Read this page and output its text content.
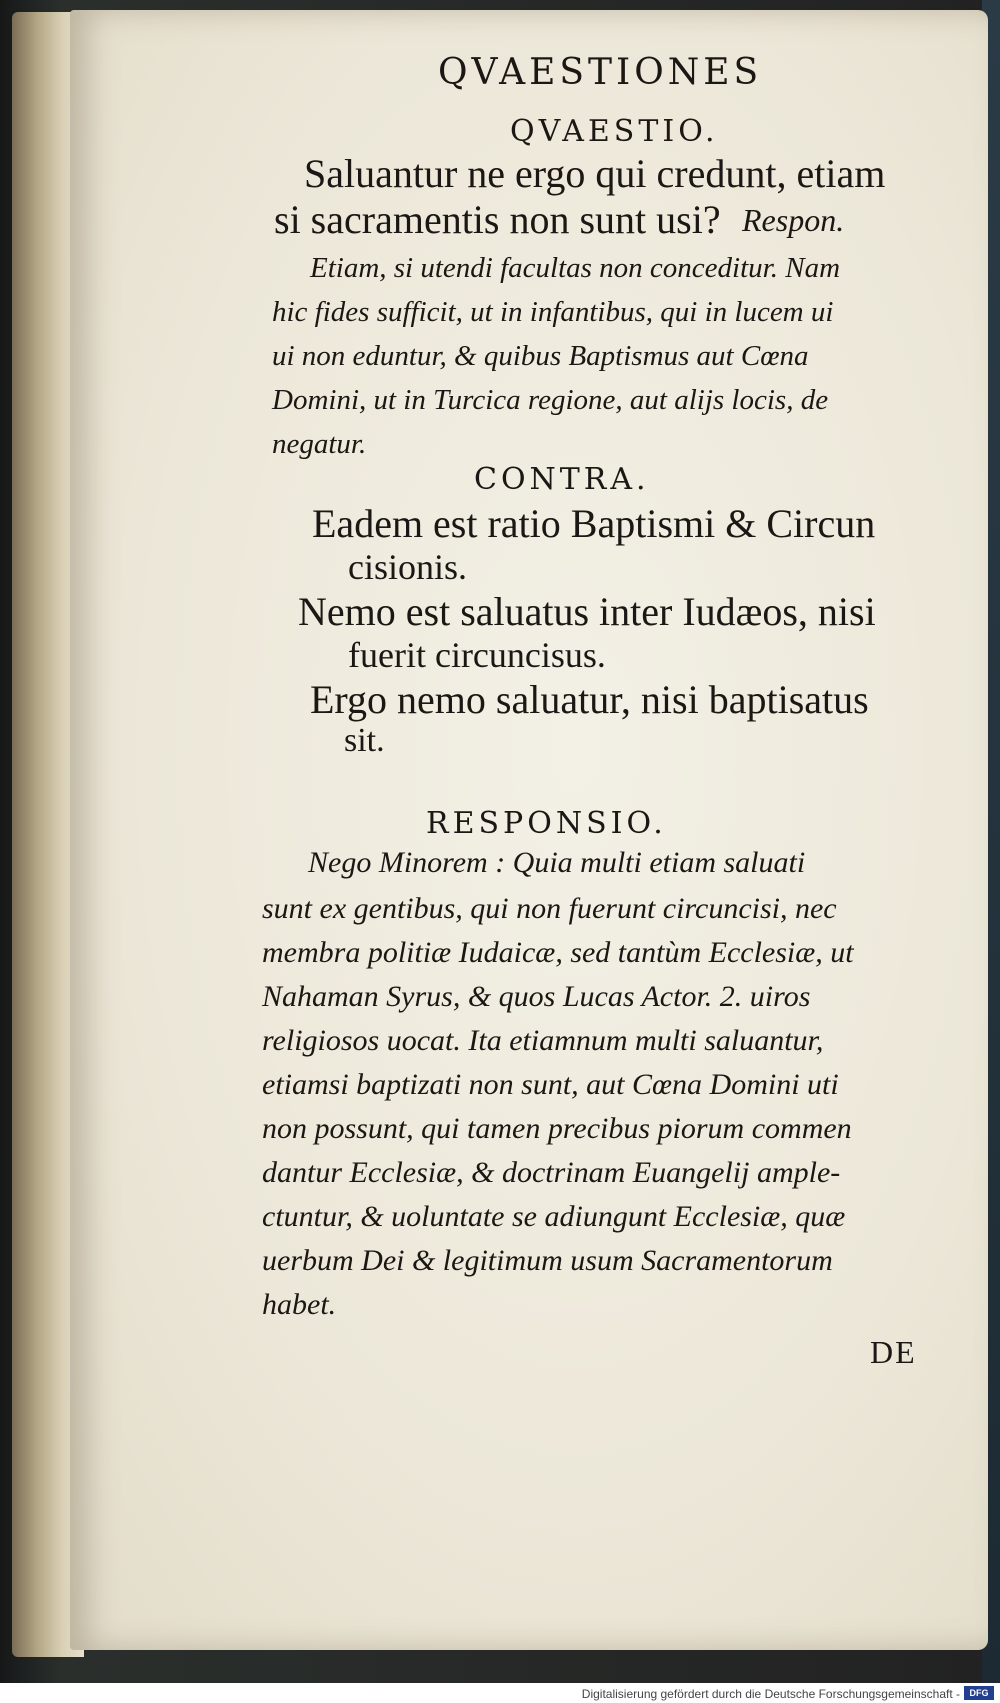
QVAESTIONES
QVAESTIO.
Saluantur ne ergo qui credunt, etiam
si sacramentis non sunt usi? Respon.
Etiam, si utendi facultas non conceditur. Nam
hic fides sufficit, ut in infantibus, qui in lucem ui
ui non eduntur, & quibus Baptismus aut Cœna
Domini, ut in Turcica regione, aut alijs locis, de
negatur.
CONTRA.
Eadem est ratio Baptismi & Circun
cisionis.
Nemo est saluatus inter Iudæos, nisi
fuerit circuncisus.
Ergo nemo saluatur, nisi baptisatus
sit.
RESPONSIO.
Nego Minorem : Quia multi etiam saluati
sunt ex gentibus, qui non fuerunt circuncisi, nec
membra politiæ Iudaicæ, sed tantùm Ecclesiæ, ut
Nahaman Syrus, & quos Lucas Actor. 2. uiros
religiosos uocat. Ita etiamnum multi saluantur,
etiamsi baptizati non sunt, aut Cœna Domini uti
non possunt, qui tamen precibus piorum commen
dantur Ecclesiæ, & doctrinam Euangelij ample-
ctuntur, & uoluntate se adiungunt Ecclesiæ, quæ
uerbum Dei & legitimum usum Sacramentorum
habet.
DE
Digitalisierung gefördert durch die Deutsche Forschungsgemeinschaft -	DFG
